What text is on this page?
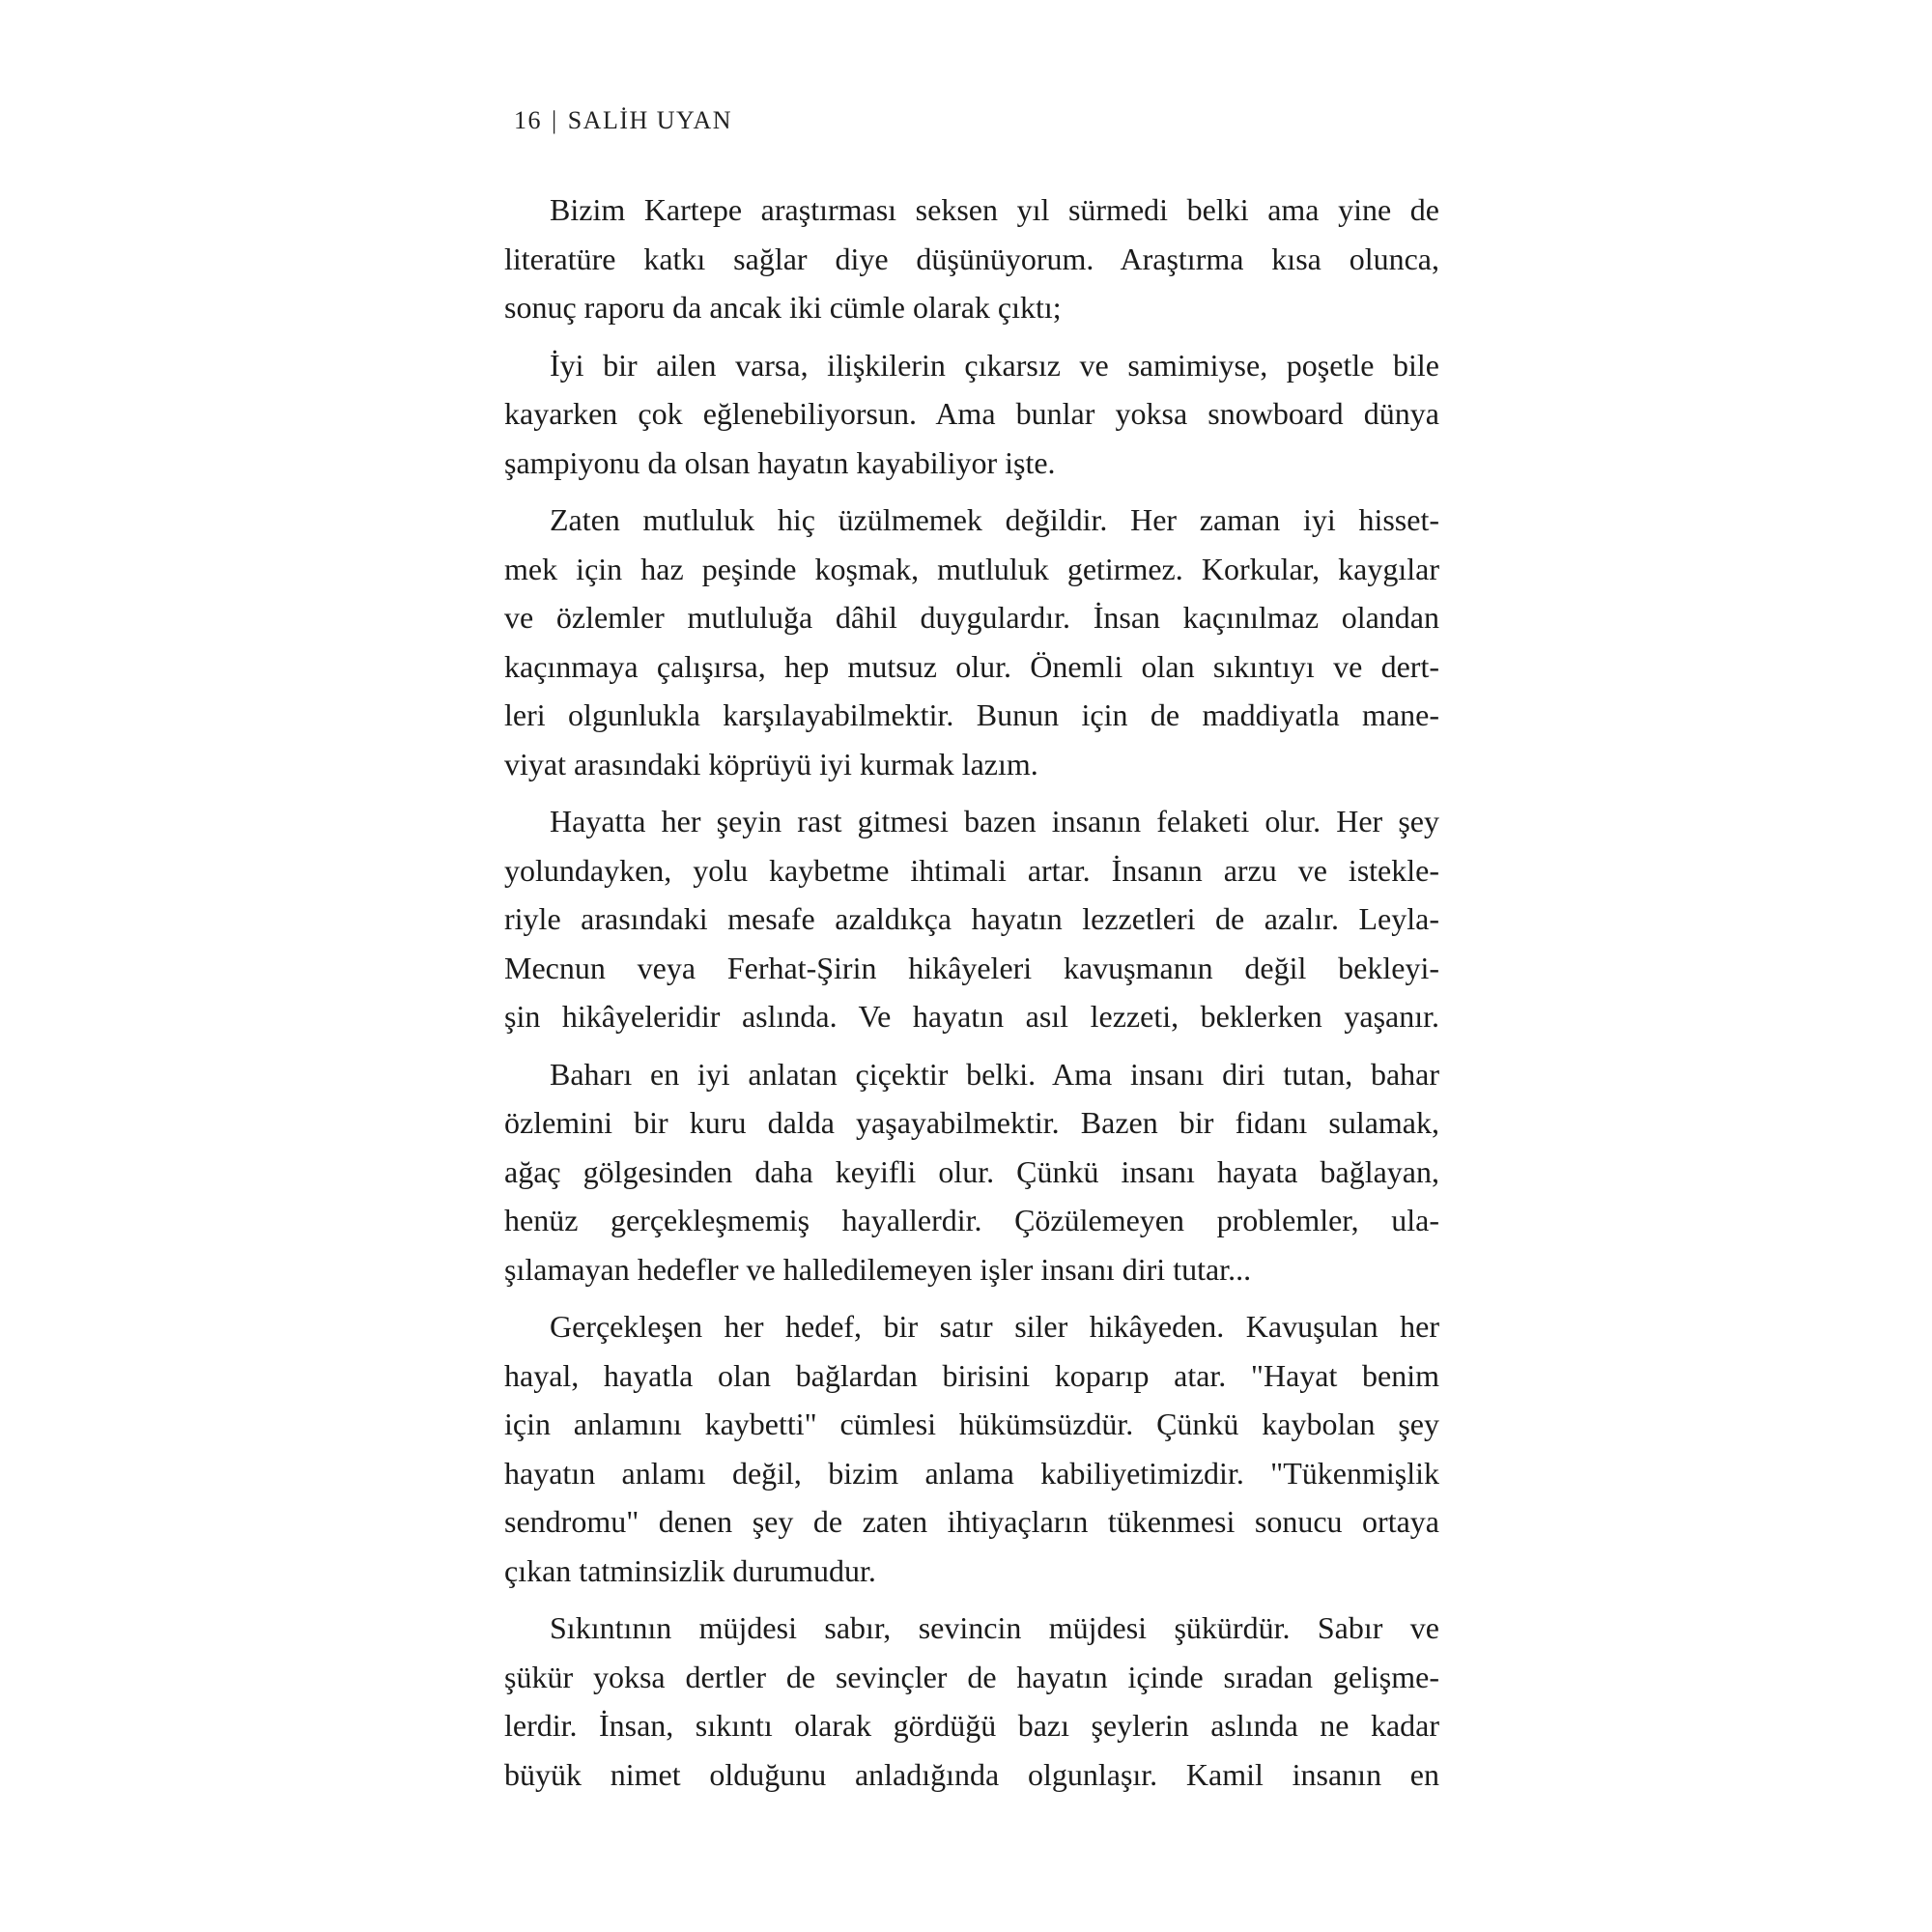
16 | SALİH UYAN
Bizim Kartepe araştırması seksen yıl sürmedi belki ama yine de
literatüre katkı sağlar diye düşünüyorum. Araştırma kısa olunca,
sonuç raporu da ancak iki cümle olarak çıktı;
İyi bir ailen varsa, ilişkilerin çıkarsız ve samimiyse, poşetle bile
kayarken çok eğlenebiliyorsun. Ama bunlar yoksa snowboard dünya
şampiyonu da olsan hayatın kayabiliyor işte.
Zaten mutluluk hiç üzülmemek değildir. Her zaman iyi hisset-
mek için haz peşinde koşmak, mutluluk getirmez. Korkular, kaygılar
ve özlemler mutluluğa dâhil duygulardır. İnsan kaçınılmaz olandan
kaçınmaya çalışırsa, hep mutsuz olur. Önemli olan sıkıntıyı ve dert-
leri olgunlukla karşılayabilmektir. Bunun için de maddiyatla mane-
viyat arasındaki köprüyü iyi kurmak lazım.
Hayatta her şeyin rast gitmesi bazen insanın felaketi olur. Her şey
yolundayken, yolu kaybetme ihtimali artar. İnsanın arzu ve istekle-
riyle arasındaki mesafe azaldıkça hayatın lezzetleri de azalır. Leyla-
Mecnun veya Ferhat-Şirin hikâyeleri kavuşmanın değil bekleyi-
şin hikâyeleridir aslında. Ve hayatın asıl lezzeti, beklerken yaşanır.
Baharı en iyi anlatan çiçektir belki. Ama insanı diri tutan, bahar
özlemini bir kuru dalda yaşayabilmektir. Bazen bir fidanı sulamak,
ağaç gölgesinden daha keyifli olur. Çünkü insanı hayata bağlayan,
henüz gerçekleşmemiş hayallerdir. Çözülemeyen problemler, ula-
şılamayan hedefler ve halledilemeyen işler insanı diri tutar...
Gerçekleşen her hedef, bir satır siler hikâyeden. Kavuşulan her
hayal, hayatla olan bağlardan birisini koparıp atar. "Hayat benim
için anlamını kaybetti" cümlesi hükümsüzdür. Çünkü kaybolan şey
hayatın anlamı değil, bizim anlama kabiliyetimizdir. "Tükenmişlik
sendromu" denen şey de zaten ihtiyaçların tükenmesi sonucu ortaya
çıkan tatminsizlik durumudur.
Sıkıntının müjdesi sabır, sevincin müjdesi şükürdür. Sabır ve
şükür yoksa dertler de sevinçler de hayatın içinde sıradan gelişme-
lerdir. İnsan, sıkıntı olarak gördüğü bazı şeylerin aslında ne kadar
büyük nimet olduğunu anladığında olgunlaşır. Kamil insanın en
